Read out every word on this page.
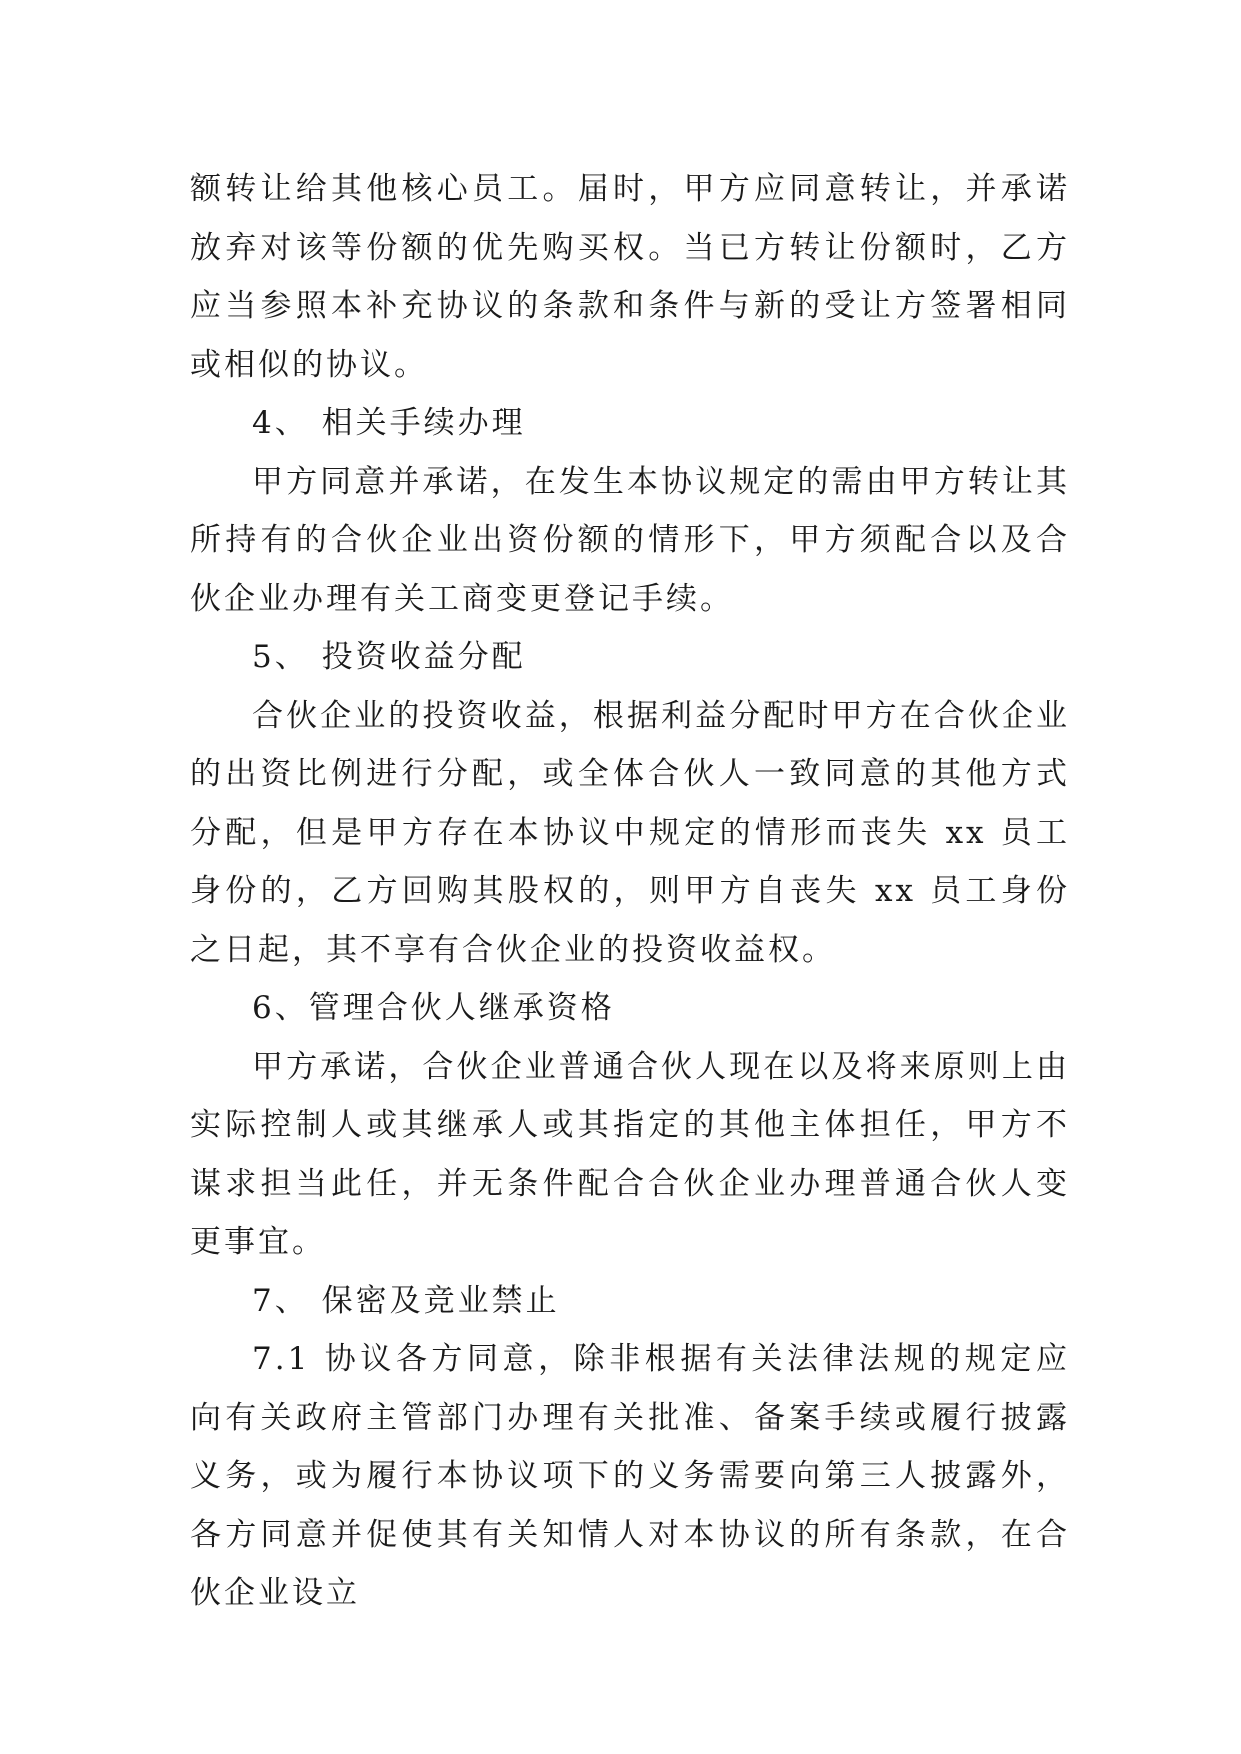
额转让给其他核心员工。届时，甲方应同意转让，并承诺放弃对该等份额的优先购买权。当已方转让份额时，乙方应当参照本补充协议的条款和条件与新的受让方签署相同或相似的协议。

4、 相关手续办理

甲方同意并承诺，在发生本协议规定的需由甲方转让其所持有的合伙企业出资份额的情形下，甲方须配合以及合伙企业办理有关工商变更登记手续。

5、 投资收益分配

合伙企业的投资收益，根据利益分配时甲方在合伙企业的出资比例进行分配，或全体合伙人一致同意的其他方式分配，但是甲方存在本协议中规定的情形而丧失 xx 员工身份的，乙方回购其股权的，则甲方自丧失 xx 员工身份之日起，其不享有合伙企业的投资收益权。

6、管理合伙人继承资格

甲方承诺，合伙企业普通合伙人现在以及将来原则上由实际控制人或其继承人或其指定的其他主体担任，甲方不谋求担当此任，并无条件配合合伙企业办理普通合伙人变更事宜。

7、 保密及竞业禁止

7.1 协议各方同意，除非根据有关法律法规的规定应向有关政府主管部门办理有关批准、备案手续或履行披露义务，或为履行本协议项下的义务需要向第三人披露外，各方同意并促使其有关知情人对本协议的所有条款，在合伙企业设立
